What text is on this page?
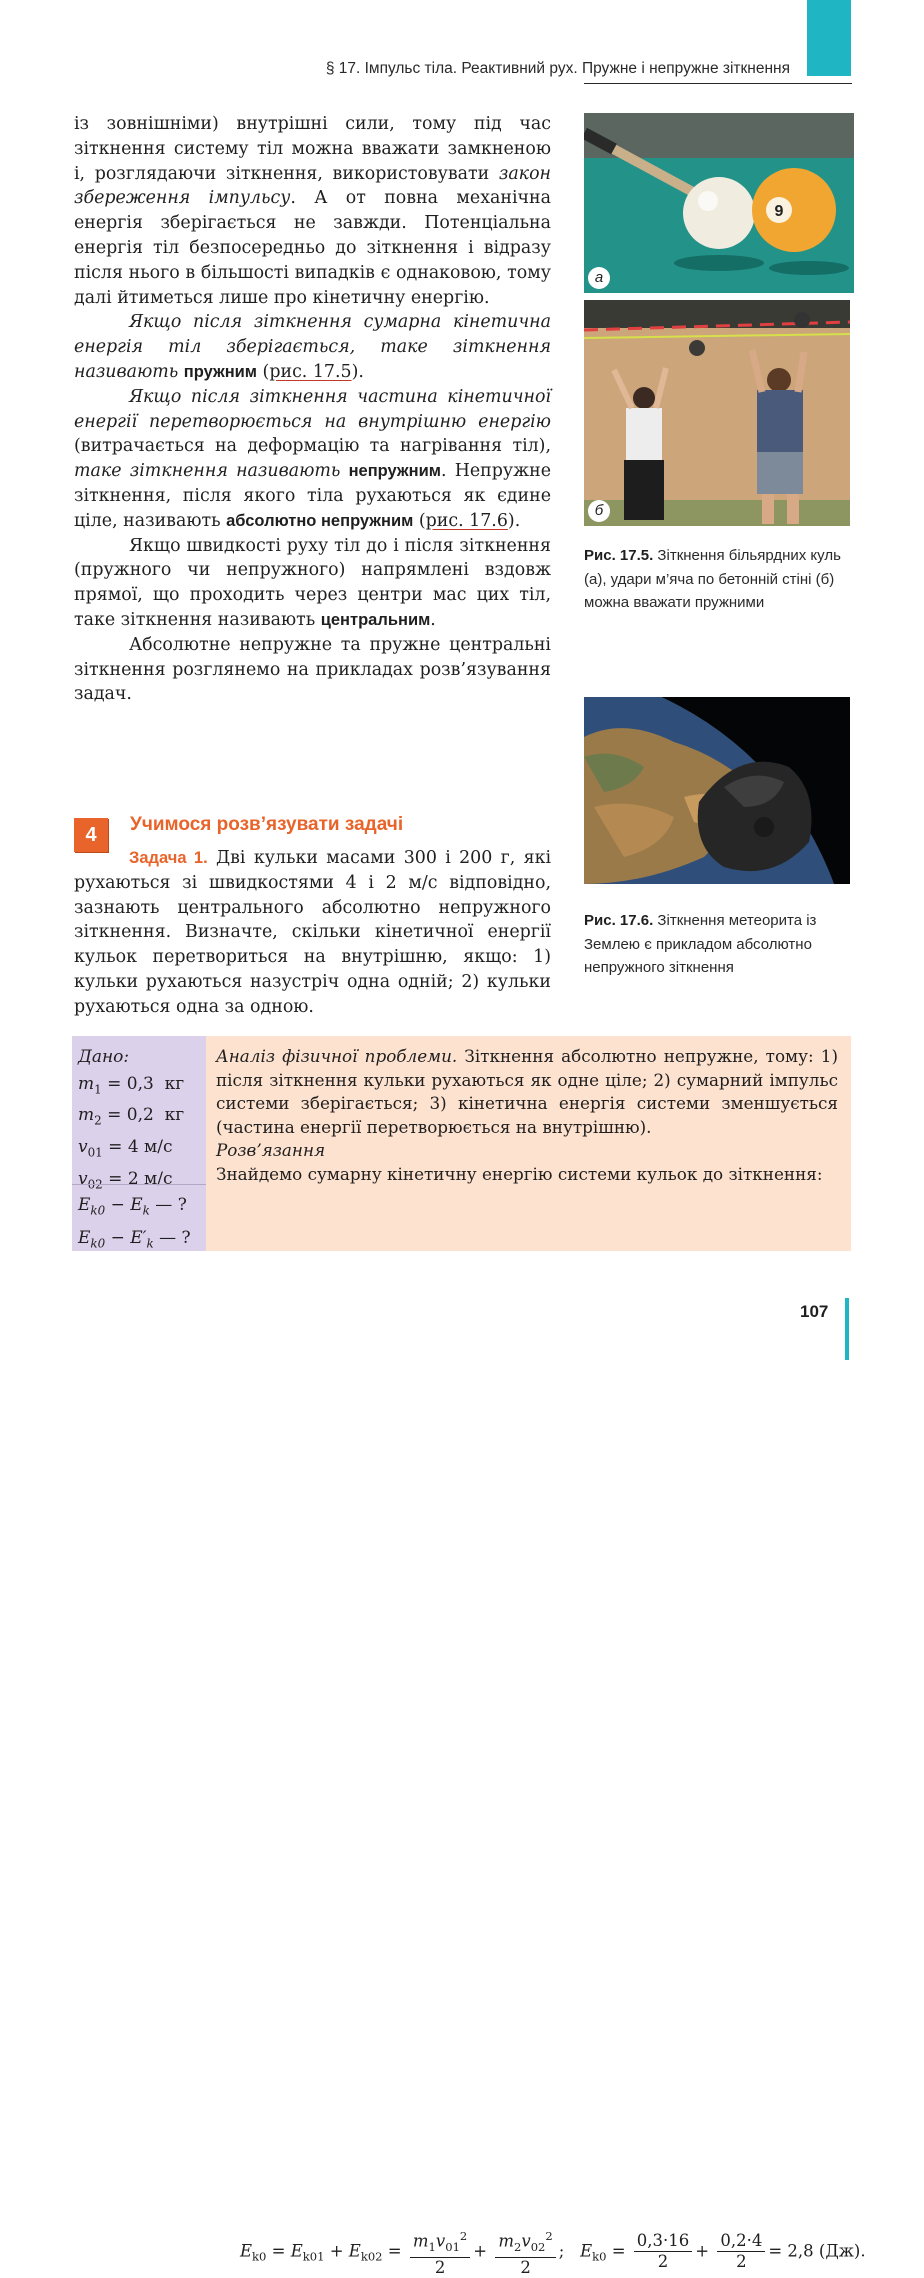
§ 17. Імпульс тіла. Реактивний рух. Пружне і непружне зіткнення

із зовнішніми) внутрішні сили, тому під час зіткнення систему тіл можна вважати замкненою і, розглядаючи зіткнення, використовувати закон збереження імпульсу. А от повна механічна енергія зберігається не завжди. Потенціальна енергія тіл безпосередньо до зіткнення і відразу після нього в більшості випадків є однаковою, тому далі йтиметься лише про кінетичну енергію.

Якщо після зіткнення сумарна кінетична енергія тіл зберігається, таке зіткнення називають пружним (рис. 17.5).

Якщо після зіткнення частина кінетичної енергії перетворюється на внутрішню енергію (витрачається на деформацію та нагрівання тіл), таке зіткнення називають непружним. Непружне зіткнення, після якого тіла рухаються як єдине ціле, називають абсолютно непружним (рис. 17.6).

Якщо швидкості руху тіл до і після зіткнення (пружного чи непружного) напрямлені вздовж прямої, що проходить через центри мас цих тіл, таке зіткнення називають центральним.

Абсолютне непружне та пружне центральні зіткнення розглянемо на прикладах розв’язування задач.

4	Учимося розв’язувати задачі

Задача 1. Дві кульки масами 300 і 200 г, які рухаються зі швидкостями 4 і 2 м/с відповідно, зазнають центрального абсолютно непружного зіткнення. Визначте, скільки кінетичної енергії кульок перетвориться на внутрішню, якщо: 1) кульки рухаються назустріч одна одній; 2) кульки рухаються одна за одною.

9
а
б
Рис. 17.5. Зіткнення більярдних куль (а), удари м’яча по бетонній стіні (б) можна вважати пружними
Рис. 17.6. Зіткнення метеорита із Землею є прикладом абсолютно непружного зіткнення
Дано:
$m_1 = 0,3$ кг
$m_2 = 0,2$ кг
$v_{01} = 4$ м/с
$v_{02} = 2$ м/с
$E_{k0} - E_k$ — ?
$E_{k0} - E'_k$ — ?
Аналіз фізичної проблеми. Зіткнення абсолютно непружне, тому: 1) після зіткнення кульки рухаються як одне ціле; 2) сумарний імпульс системи зберігається; 3) кінетична енергія системи зменшується (частина енергії перетворюється на внутрішню).
Розв’язання
Знайдемо сумарну кінетичну енергію системи кульок до зіткнення:
$E_{k0} = E_{k01} + E_{k02} = \frac{m_1v_{01}^2}{2} + \frac{m_2v_{02}^2}{2}$ ;   $E_{k0} = \frac{0,3\cdot 16}{2} + \frac{0,2\cdot 4}{2} = 2,8$ (Дж).
107
